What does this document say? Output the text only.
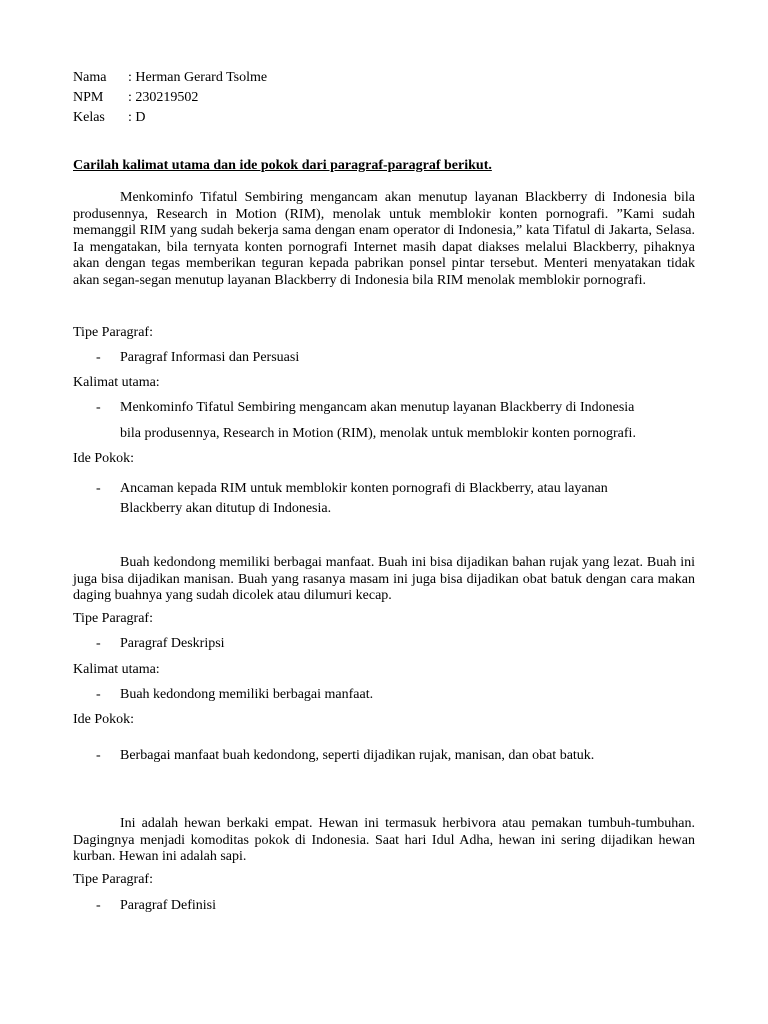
Nama	: Herman Gerard Tsolme
NPM	: 230219502
Kelas	: D
Carilah kalimat utama dan ide pokok dari paragraf-paragraf berikut.

Menkominfo Tifatul Sembiring mengancam akan menutup layanan Blackberry di Indonesia bila produsennya, Research in Motion (RIM), menolak untuk memblokir konten pornografi. ”Kami sudah memanggil RIM yang sudah bekerja sama dengan enam operator di Indonesia,” kata Tifatul di Jakarta, Selasa. Ia mengatakan, bila ternyata konten pornografi Internet masih dapat diakses melalui Blackberry, pihaknya akan dengan tegas memberikan teguran kepada pabrikan ponsel pintar tersebut. Menteri menyatakan tidak akan segan-segan menutup layanan Blackberry di Indonesia bila RIM menolak memblokir pornografi.

Tipe Paragraf:
-	Paragraf Informasi dan Persuasi
Kalimat utama:
-	Menkominfo Tifatul Sembiring mengancam akan menutup layanan Blackberry di Indonesia
bila produsennya, Research in Motion (RIM), menolak untuk memblokir konten pornografi.
Ide Pokok:
-	Ancaman kepada RIM untuk memblokir konten pornografi di Blackberry, atau layanan
Blackberry akan ditutup di Indonesia.

Buah kedondong memiliki berbagai manfaat. Buah ini bisa dijadikan bahan rujak yang lezat. Buah ini juga bisa dijadikan manisan. Buah yang rasanya masam ini juga bisa dijadikan obat batuk dengan cara makan daging buahnya yang sudah dicolek atau dilumuri kecap.

Tipe Paragraf:
-	Paragraf Deskripsi
Kalimat utama:
-	Buah kedondong memiliki berbagai manfaat.
Ide Pokok:
-	Berbagai manfaat buah kedondong, seperti dijadikan rujak, manisan, dan obat batuk.

Ini adalah hewan berkaki empat. Hewan ini termasuk herbivora atau pemakan tumbuh-tumbuhan. Dagingnya menjadi komoditas pokok di Indonesia. Saat hari Idul Adha, hewan ini sering dijadikan hewan kurban. Hewan ini adalah sapi.

Tipe Paragraf:
-	Paragraf Definisi
